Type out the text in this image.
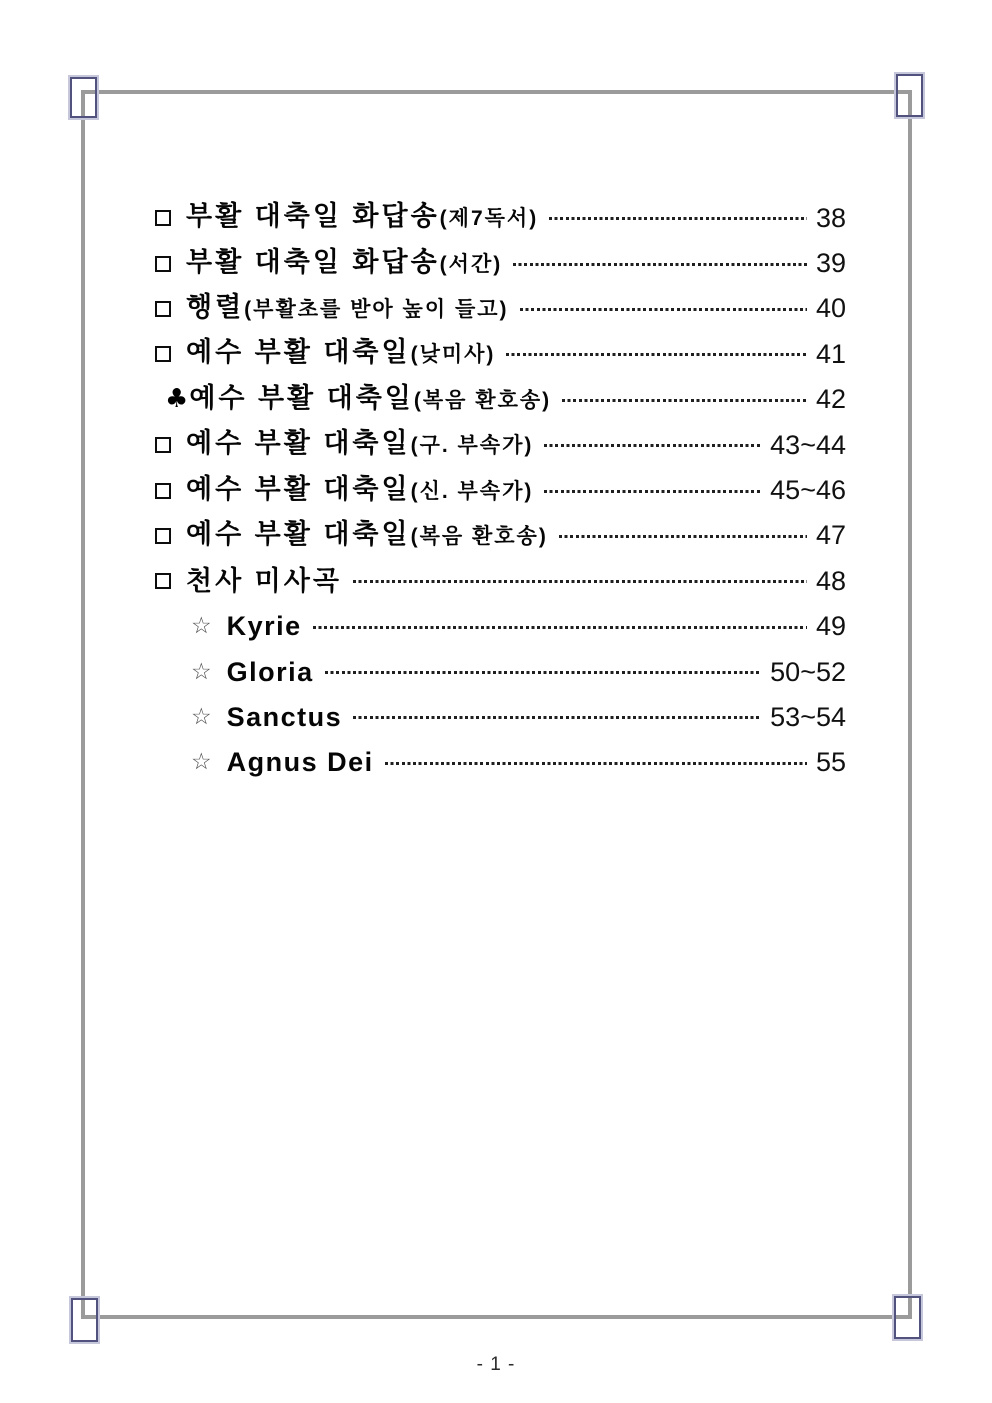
부활 대축일 화답송 (제7독서)	38
부활 대축일 화답송 (서간)	39
행렬 (부활초를 받아 높이 들고)	40
예수 부활 대축일 (낮미사)	41
♣ 예수 부활 대축일 (복음 환호송)	42
예수 부활 대축일 (구. 부속가)	43~44
예수 부활 대축일 (신. 부속가)	45~46
예수 부활 대축일 (복음 환호송)	47
천사 미사곡	48
☆ Kyrie	49
☆ Gloria	50~52
☆ Sanctus	53~54
☆ Agnus Dei	55
- 1 -
